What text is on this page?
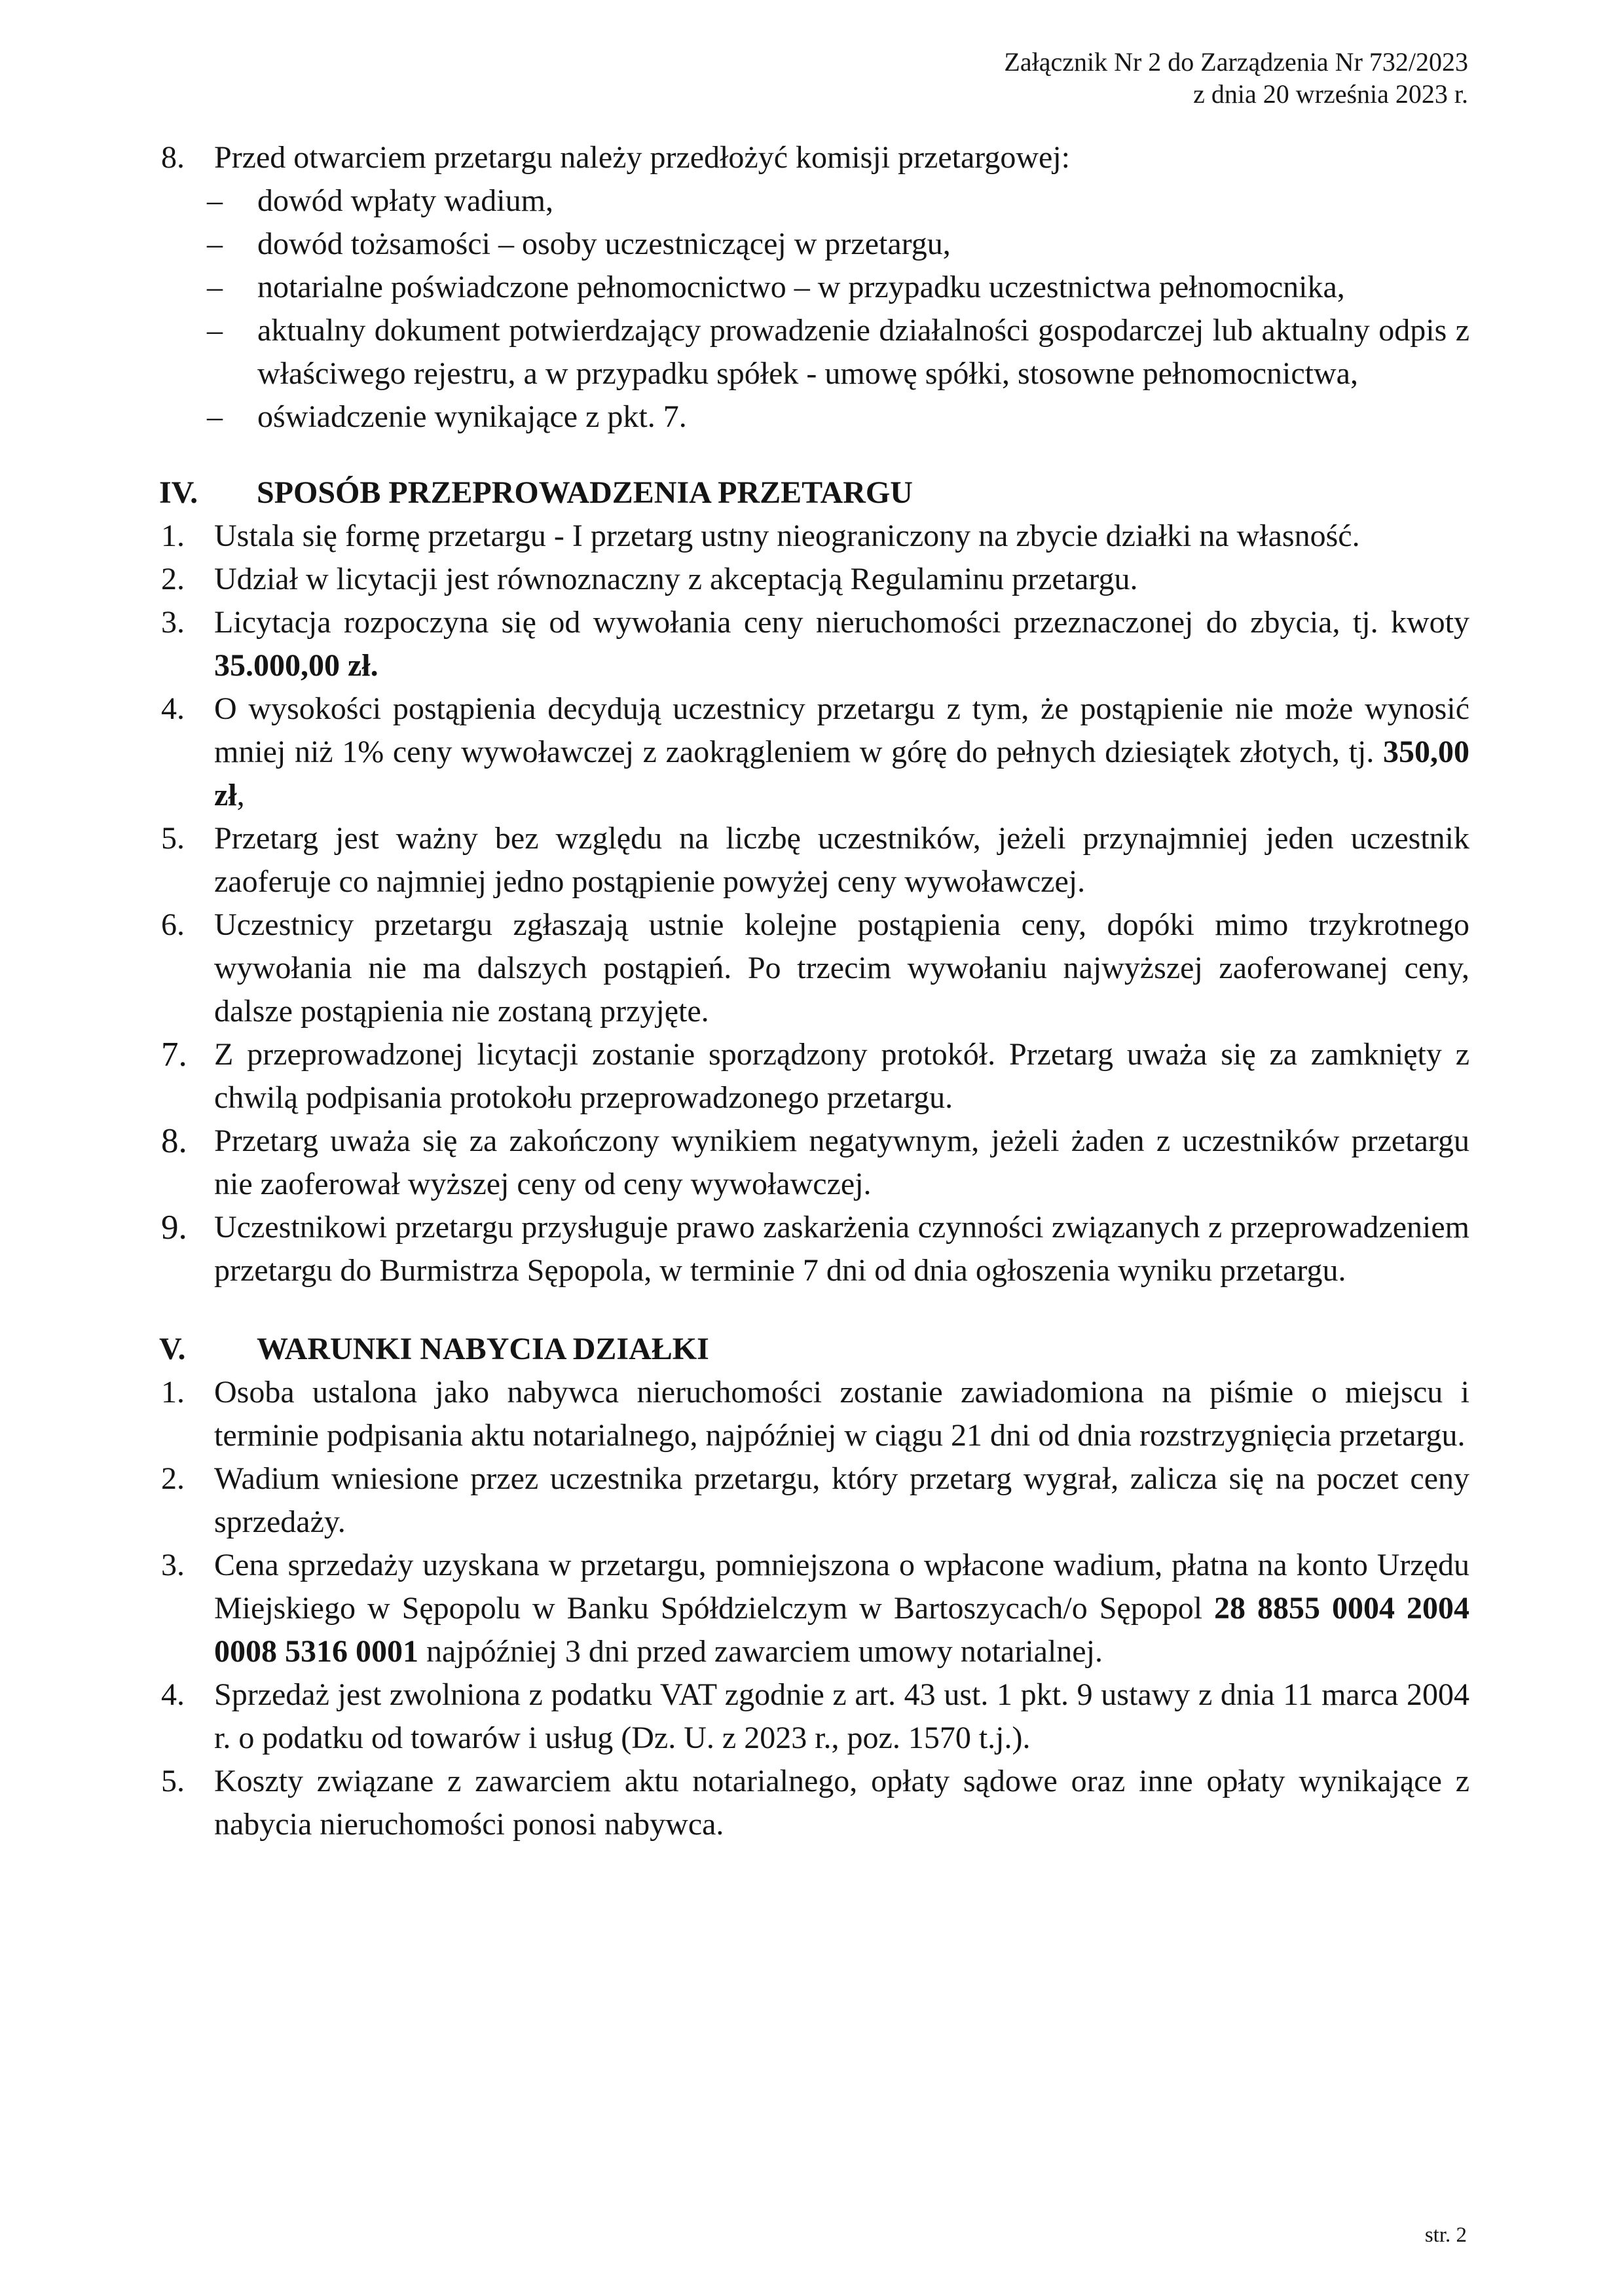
Załącznik Nr 2 do Zarządzenia Nr 732/2023
z dnia 20 września 2023 r.
8. Przed otwarciem przetargu należy przedłożyć komisji przetargowej:
– dowód wpłaty wadium,
– dowód tożsamości – osoby uczestniczącej w przetargu,
– notarialne poświadczone pełnomocnictwo – w przypadku uczestnictwa pełnomocnika,
– aktualny dokument potwierdzający prowadzenie działalności gospodarczej lub aktualny odpis z właściwego rejestru, a w przypadku spółek - umowę spółki, stosowne pełnomocnictwa,
– oświadczenie wynikające z pkt. 7.
IV. SPOSÓB PRZEPROWADZENIA PRZETARGU
1. Ustala się formę przetargu - I przetarg ustny nieograniczony na zbycie działki na własność.
2. Udział w licytacji jest równoznaczny z akceptacją Regulaminu przetargu.
3. Licytacja rozpoczyna się od wywołania ceny nieruchomości przeznaczonej do zbycia, tj. kwoty 35.000,00 zł.
4. O wysokości postąpienia decydują uczestnicy przetargu z tym, że postąpienie nie może wynosić mniej niż 1% ceny wywoławczej z zaokrągleniem w górę do pełnych dziesiątek złotych, tj. 350,00 zł,
5. Przetarg jest ważny bez względu na liczbę uczestników, jeżeli przynajmniej jeden uczestnik zaoferuje co najmniej jedno postąpienie powyżej ceny wywoławczej.
6. Uczestnicy przetargu zgłaszają ustnie kolejne postąpienia ceny, dopóki mimo trzykrotnego wywołania nie ma dalszych postąpień. Po trzecim wywołaniu najwyższej zaoferowanej ceny, dalsze postąpienia nie zostaną przyjęte.
7. Z przeprowadzonej licytacji zostanie sporządzony protokół. Przetarg uważa się za zamknięty z chwilą podpisania protokołu przeprowadzonego przetargu.
8. Przetarg uważa się za zakończony wynikiem negatywnym, jeżeli żaden z uczestników przetargu nie zaoferował wyższej ceny od ceny wywoławczej.
9. Uczestnikowi przetargu przysługuje prawo zaskarżenia czynności związanych z przeprowadzeniem przetargu do Burmistrza Sępopola, w terminie 7 dni od dnia ogłoszenia wyniku przetargu.
V. WARUNKI NABYCIA DZIAŁKI
1. Osoba ustalona jako nabywca nieruchomości zostanie zawiadomiona na piśmie o miejscu i terminie podpisania aktu notarialnego, najpóźniej w ciągu 21 dni od dnia rozstrzygnięcia przetargu.
2. Wadium wniesione przez uczestnika przetargu, który przetarg wygrał, zalicza się na poczet ceny sprzedaży.
3. Cena sprzedaży uzyskana w przetargu, pomniejszona o wpłacone wadium, płatna na konto Urzędu Miejskiego w Sępopolu w Banku Spółdzielczym w Bartoszycach/o Sępopol 28 8855 0004 2004 0008 5316 0001 najpóźniej 3 dni przed zawarciem umowy notarialnej.
4. Sprzedaż jest zwolniona z podatku VAT zgodnie z art. 43 ust. 1 pkt. 9 ustawy z dnia 11 marca 2004 r. o podatku od towarów i usług (Dz. U. z 2023 r., poz. 1570 t.j.).
5. Koszty związane z zawarciem aktu notarialnego, opłaty sądowe oraz inne opłaty wynikające z nabycia nieruchomości ponosi nabywca.
str. 2
